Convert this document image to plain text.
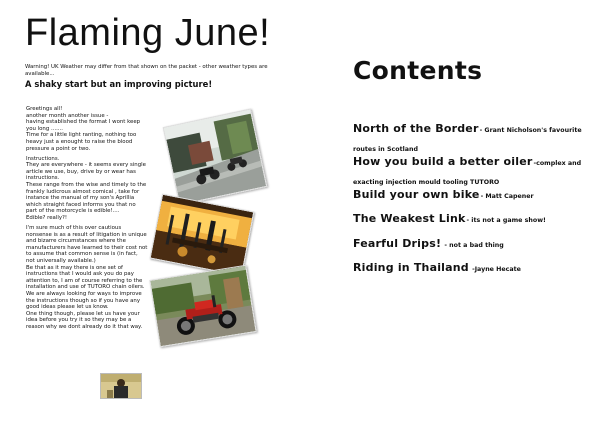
Flaming June!
Warning! UK Weather may differ from that shown on the packet - other weather types are available...
A shaky start but an improving picture!

Greetings all!
another month another issue -
having established the format I wont keep you long .......
Time for a little light ranting, nothing too heavy just a enought to raise the blood pressure a point or two.

Instructions.
They are everywhere - it seems every single article we use, buy, drive by or wear has instructions.
These range from the wise and timely to the frankly ludicrous almost comical , take for instance the manual of my son's Aprillia which straight faced informs you that no part of the motorcycle is edible!....
Edible? really?!

I'm sure much of this over cautious nonsense is as a result of litigation in unique and bizarre circumstances where the manufacturers have learned to their cost not to assume that common sense is (in fact, not universally available.)
Be that as it may there is one set of instructions that I would ask you do pay attention to, I am of course referring to the installation and use of TUTORO chain oilers.
We are always looking for ways to improve the instructions though so if you have any good ideas please let us know.
One thing though, please let us have your idea before you try it so they may be a reason why we dont already do it that way.

Contents
North of the Border- Grant Nicholson's favourite routes in Scotland
How you build a better oiler-complex and exacting injection mould tooling TUTORO
Build your own bike- Matt Capener
The Weakest Link- its not a game show!
Fearful Drips! - not a bad thing
Riding in Thailand -Jayne Hecate
